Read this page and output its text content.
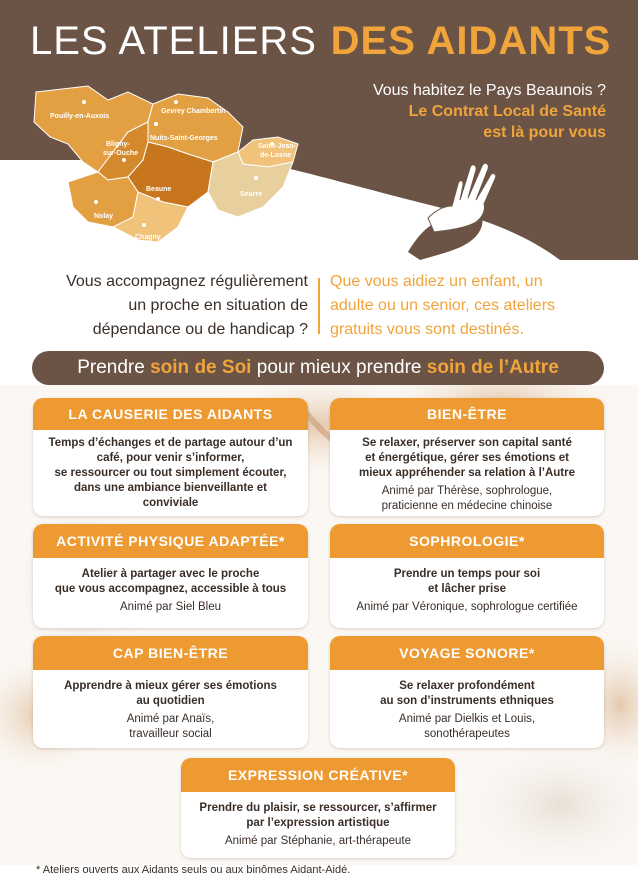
LES ATELIERS DES AIDANTS
Vous habitez le Pays Beaunois ?
Le Contrat Local de Santé
est là pour vous
Pouilly-en-Auxois
Gevrey Chambertin
Nuits-Saint-Georges
Bligny-sur-Ouche
Saint-Jean-de-Losne
Beaune
Seurre
Nolay
Chagny
Vous accompagnez régulièrement
un proche en situation de
dépendance ou de handicap ?
Que vous aidiez un enfant, un
adulte ou un senior, ces ateliers
gratuits vous sont destinés.
Prendre soin de Soi pour mieux prendre soin de l’Autre
LA CAUSERIE DES AIDANTS
Temps d’échanges et de partage autour d’un
café, pour venir s’informer,
se ressourcer ou tout simplement écouter,
dans une ambiance bienveillante et
conviviale
BIEN-ÊTRE
Se relaxer, préserver son capital santé
et énergétique, gérer ses émotions et
mieux appréhender sa relation à l’Autre
Animé par Thérèse, sophrologue,
praticienne en médecine chinoise
ACTIVITÉ PHYSIQUE ADAPTÉE*
Atelier à partager avec le proche
que vous accompagnez, accessible à tous
Animé par Siel Bleu
SOPHROLOGIE*
Prendre un temps pour soi
et lâcher prise
Animé par Véronique, sophrologue certifiée
CAP BIEN-ÊTRE
Apprendre à mieux gérer ses émotions
au quotidien
Animé par Anaïs,
travailleur social
VOYAGE SONORE*
Se relaxer profondément
au son d’instruments ethniques
Animé par Dielkis et Louis,
sonothérapeutes
EXPRESSION CRÉATIVE*
Prendre du plaisir, se ressourcer, s’affirmer
par l’expression artistique
Animé par Stéphanie, art-thérapeute
* Ateliers ouverts aux Aidants seuls ou aux binômes Aidant-Aidé.
